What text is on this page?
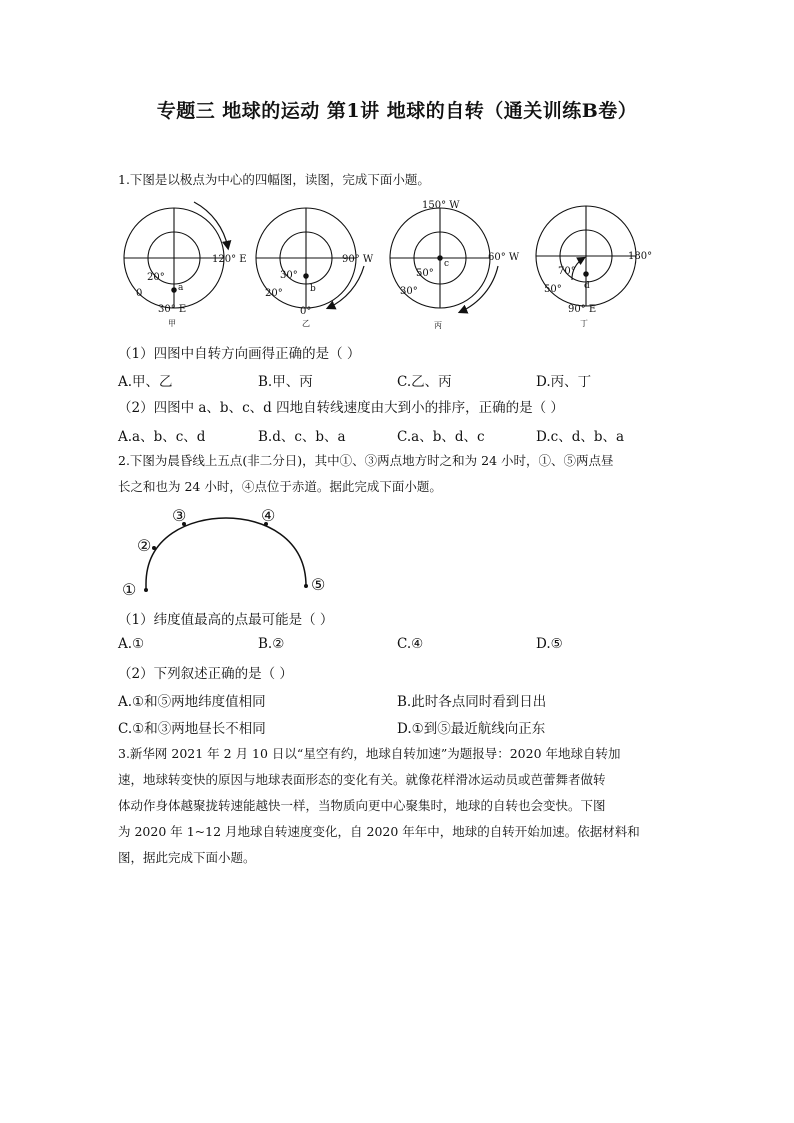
专题三 地球的运动 第1讲 地球的自转（通关训练B卷）
1.下图是以极点为中心的四幅图，读图，完成下面小题。
120° E
30° E
20°
0	a
甲
90° W
0°
30°
20°	b
乙
150° W
60° W
50°
30°
c
丙
180°
90° E
70°
50° d
丁
（1）四图中自转方向画得正确的是（ ）
A.甲、乙	B.甲、丙	C.乙、丙	D.丙、丁
（2）四图中 a、b、c、d 四地自转线速度由大到小的排序，正确的是（ ）
A.a、b、c、d	B.d、c、b、a	C.a、b、d、c	D.c、d、b、a
2.下图为晨昏线上五点(非二分日)，其中①、③两点地方时之和为 24 小时，①、⑤两点昼
长之和也为 24 小时，④点位于赤道。据此完成下面小题。
①
②
③	④
⑤
（1）纬度值最高的点最可能是（ ）
A.①	B.②	C.④	D.⑤
（2）下列叙述正确的是（ ）
A.①和⑤两地纬度值相同	B.此时各点同时看到日出
C.①和③两地昼长不相同	D.①到⑤最近航线向正东
3.新华网 2021 年 2 月 10 日以“星空有约，地球自转加速”为题报导：2020 年地球自转加
速，地球转变快的原因与地球表面形态的变化有关。就像花样滑冰运动员或芭蕾舞者做转
体动作身体越聚拢转速能越快一样，当物质向更中心聚集时，地球的自转也会变快。下图
为 2020 年 1~12 月地球自转速度变化，自 2020 年年中，地球的自转开始加速。依据材料和
图，据此完成下面小题。
